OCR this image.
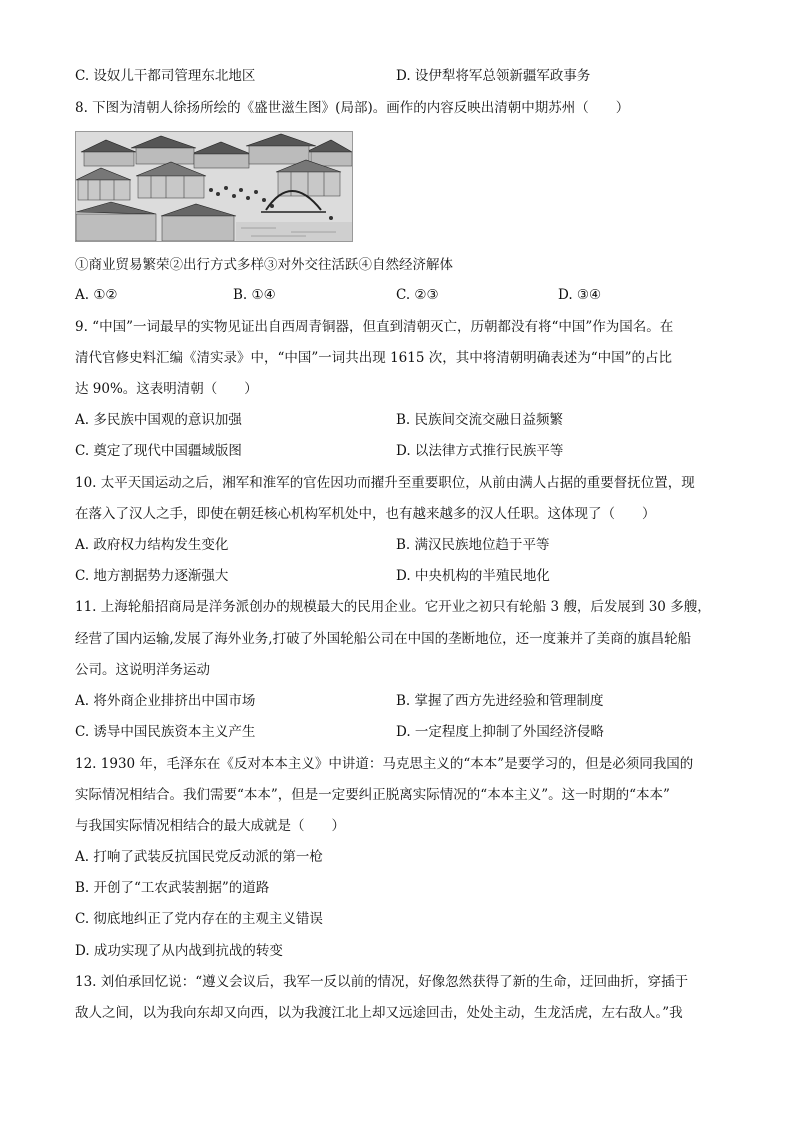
C. 设奴儿干都司管理东北地区	D. 设伊犁将军总领新疆军政事务
8. 下图为清朝人徐扬所绘的《盛世滋生图》(局部)。画作的内容反映出清朝中期苏州（　　）
①商业贸易繁荣②出行方式多样③对外交往活跃④自然经济解体
A. ①②	B. ①④	C. ②③	D. ③④
9. “中国”一词最早的实物见证出自西周青铜器，但直到清朝灭亡，历朝都没有将“中国”作为国名。在
清代官修史料汇编《清实录》中，“中国”一词共出现 1615 次，其中将清朝明确表述为“中国”的占比
达 90%。这表明清朝（　　）
A. 多民族中国观的意识加强	B. 民族间交流交融日益频繁
C. 奠定了现代中国疆域版图	D. 以法律方式推行民族平等
10. 太平天国运动之后，湘军和淮军的官佐因功而擢升至重要职位，从前由满人占据的重要督抚位置，现
在落入了汉人之手，即使在朝廷核心机构军机处中，也有越来越多的汉人任职。这体现了（　　）
A. 政府权力结构发生变化	B. 满汉民族地位趋于平等
C. 地方割据势力逐渐强大	D. 中央机构的半殖民地化
11. 上海轮船招商局是洋务派创办的规模最大的民用企业。它开业之初只有轮船 3 艘，后发展到 30 多艘，
经营了国内运输,发展了海外业务,打破了外国轮船公司在中国的垄断地位，还一度兼并了美商的旗昌轮船
公司。这说明洋务运动
A. 将外商企业排挤出中国市场	B. 掌握了西方先进经验和管理制度
C. 诱导中国民族资本主义产生	D. 一定程度上抑制了外国经济侵略
12. 1930 年，毛泽东在《反对本本主义》中讲道：马克思主义的“本本”是要学习的，但是必须同我国的
实际情况相结合。我们需要“本本”，但是一定要纠正脱离实际情况的“本本主义”。这一时期的“本本”
与我国实际情况相结合的最大成就是（　　）
A. 打响了武装反抗国民党反动派的第一枪
B. 开创了“工农武装割据”的道路
C. 彻底地纠正了党内存在的主观主义错误
D. 成功实现了从内战到抗战的转变
13. 刘伯承回忆说：“遵义会议后，我军一反以前的情况，好像忽然获得了新的生命，迂回曲折，穿插于
敌人之间，以为我向东却又向西，以为我渡江北上却又远途回击，处处主动，生龙活虎，左右敌人。”我
